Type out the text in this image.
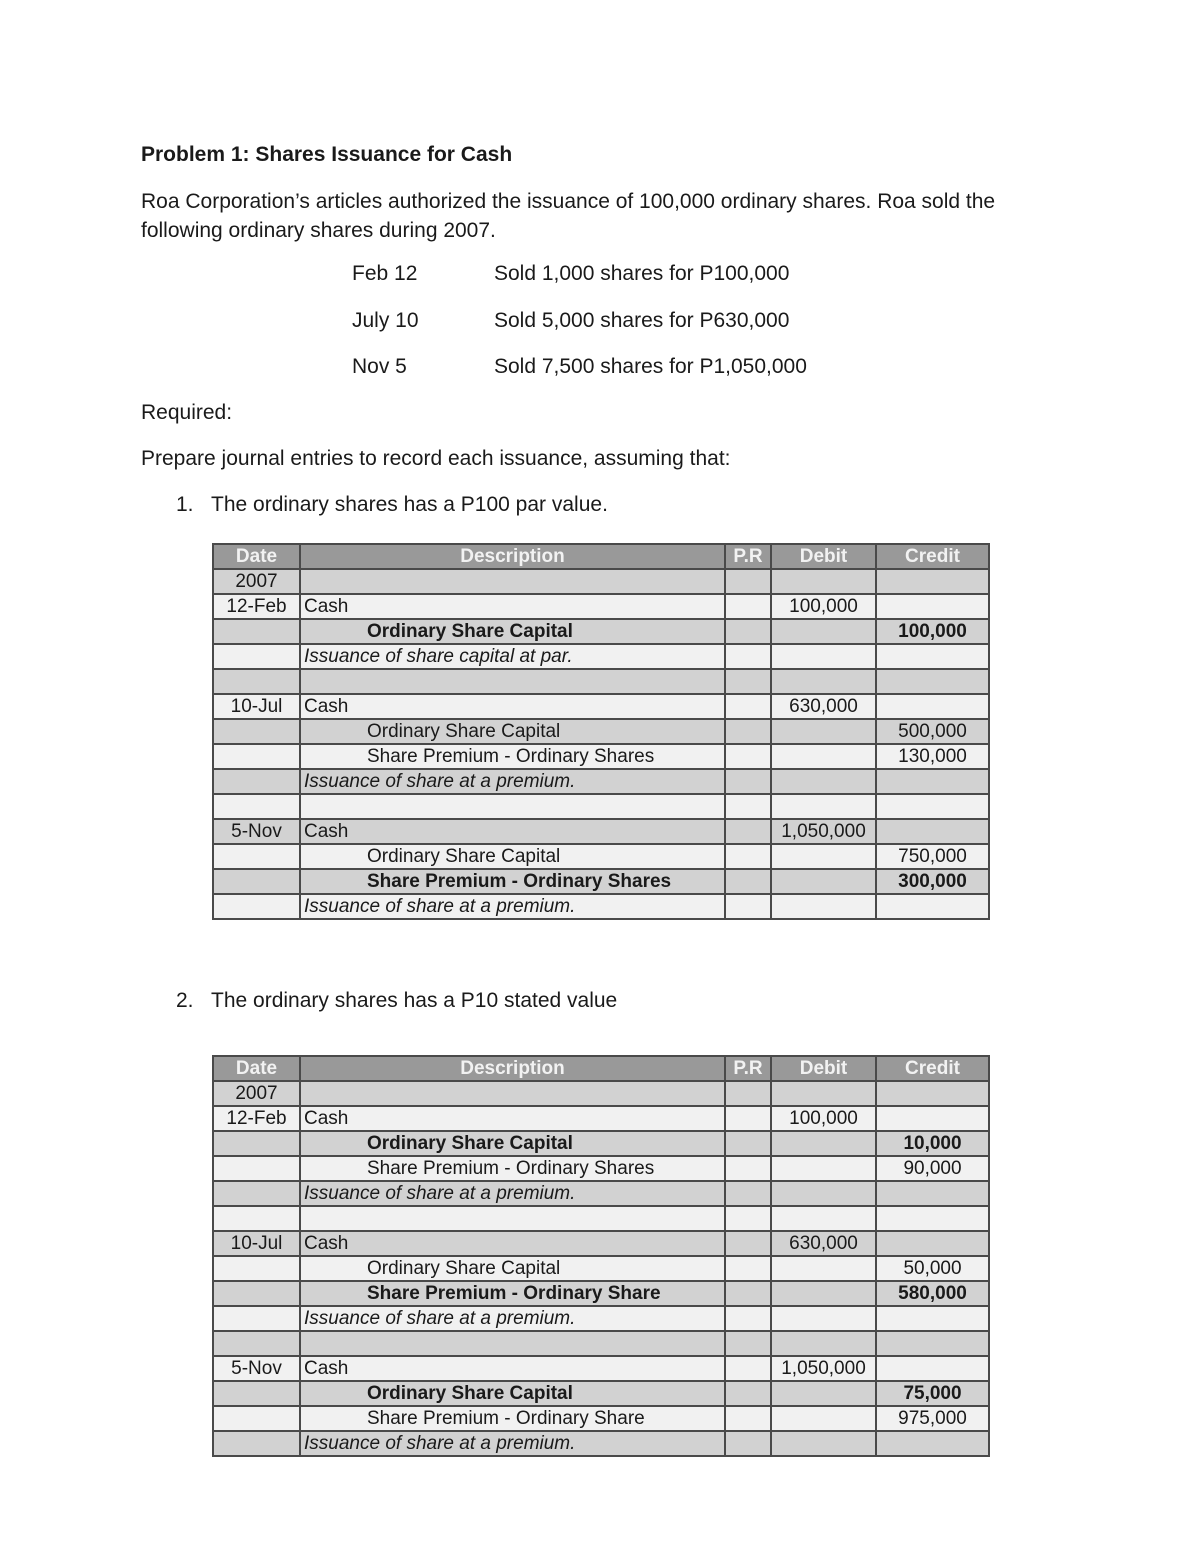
Problem 1: Shares Issuance for Cash

Roa Corporation’s articles authorized the issuance of 100,000 ordinary shares. Roa sold the following ordinary shares during 2007.

Feb 12	Sold 1,000 shares for P100,000
July 10	Sold 5,000 shares for P630,000
Nov 5	Sold 7,500 shares for P1,050,000
Required:
Prepare journal entries to record each issuance, assuming that:
1. The ordinary shares has a P100 par value.
Date	Description	P.R	Debit	Credit
2007				
12-Feb	Cash		100,000	
	Ordinary Share Capital			100,000
	Issuance of share capital at par.			

10-Jul	Cash		630,000	
	Ordinary Share Capital			500,000
	Share Premium - Ordinary Shares			130,000
	Issuance of share at a premium.			

5-Nov	Cash		1,050,000	
	Ordinary Share Capital			750,000
	Share Premium - Ordinary Shares			300,000
	Issuance of share at a premium.			
2. The ordinary shares has a P10 stated value
Date	Description	P.R	Debit	Credit
2007				
12-Feb	Cash		100,000	
	Ordinary Share Capital			10,000
	Share Premium - Ordinary Shares			90,000
	Issuance of share at a premium.			

10-Jul	Cash		630,000	
	Ordinary Share Capital			50,000
	Share Premium - Ordinary Share			580,000
	Issuance of share at a premium.			

5-Nov	Cash		1,050,000	
	Ordinary Share Capital			75,000
	Share Premium - Ordinary Share			975,000
	Issuance of share at a premium.			
